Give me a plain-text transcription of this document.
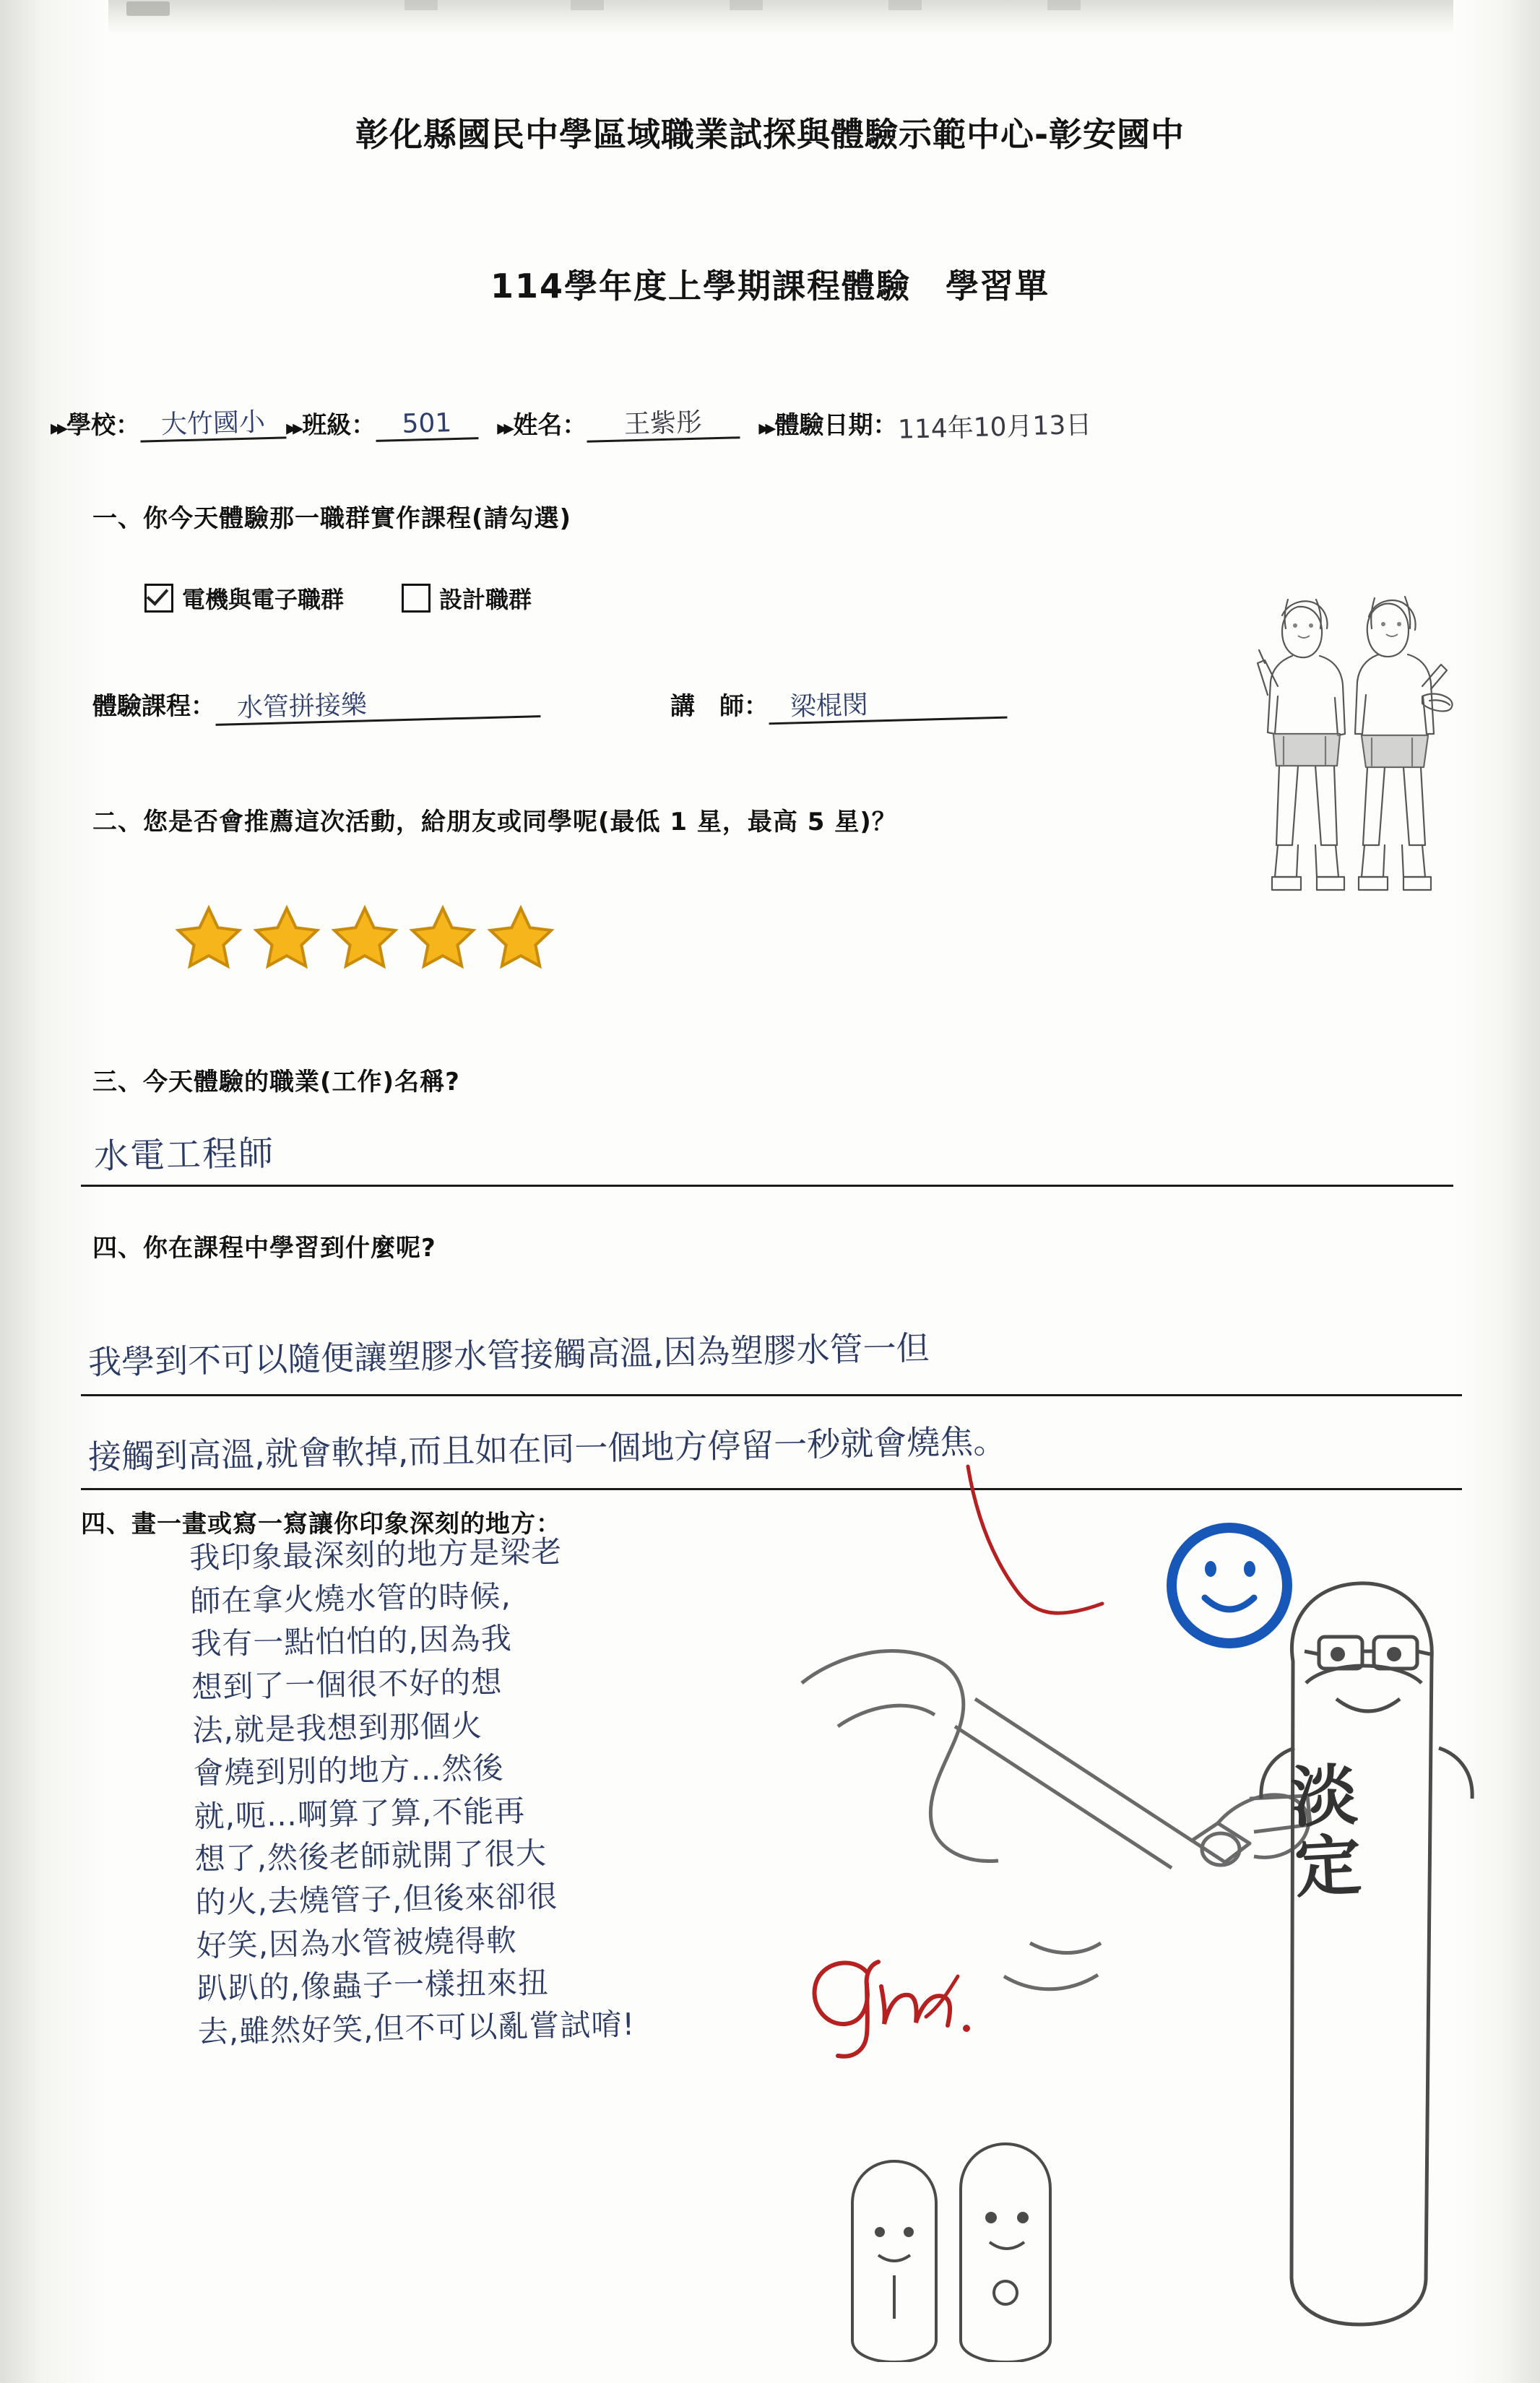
彰化縣國民中學區域職業試探與體驗示範中心-彰安國中
114學年度上學期課程體驗　學習單
▸▸ 學校： 大竹國小 ▸▸ 班級：	501	▸▸ 姓名：	王紫彤	▸▸ 體驗日期： 114年10月13日
一、你今天體驗那一職群實作課程(請勾選)
電機與電子職群	設計職群
體驗課程： 水管拼接樂	講　師： 梁棍閔
二、您是否會推薦這次活動，給朋友或同學呢(最低 1 星，最高 5 星)？
三、今天體驗的職業(工作)名稱?
水電工程師
四、你在課程中學習到什麼呢?
我學到不可以隨便讓塑膠水管接觸高溫,因為塑膠水管一但
接觸到高溫,就會軟掉,而且如在同一個地方停留一秒就會燒焦。
四、畫一畫或寫一寫讓你印象深刻的地方：
我印象最深刻的地方是梁老
師在拿火燒水管的時候,
我有一點怕怕的,因為我
想到了一個很不好的想
法,就是我想到那個火
會燒到別的地方…然後
就,呃…啊算了算,不能再
想了,然後老師就開了很大
的火,去燒管子,但後來卻很
好笑,因為水管被燒得軟
趴趴的,像蟲子一樣扭來扭
去,雖然好笑,但不可以亂嘗試唷!
淡
定
